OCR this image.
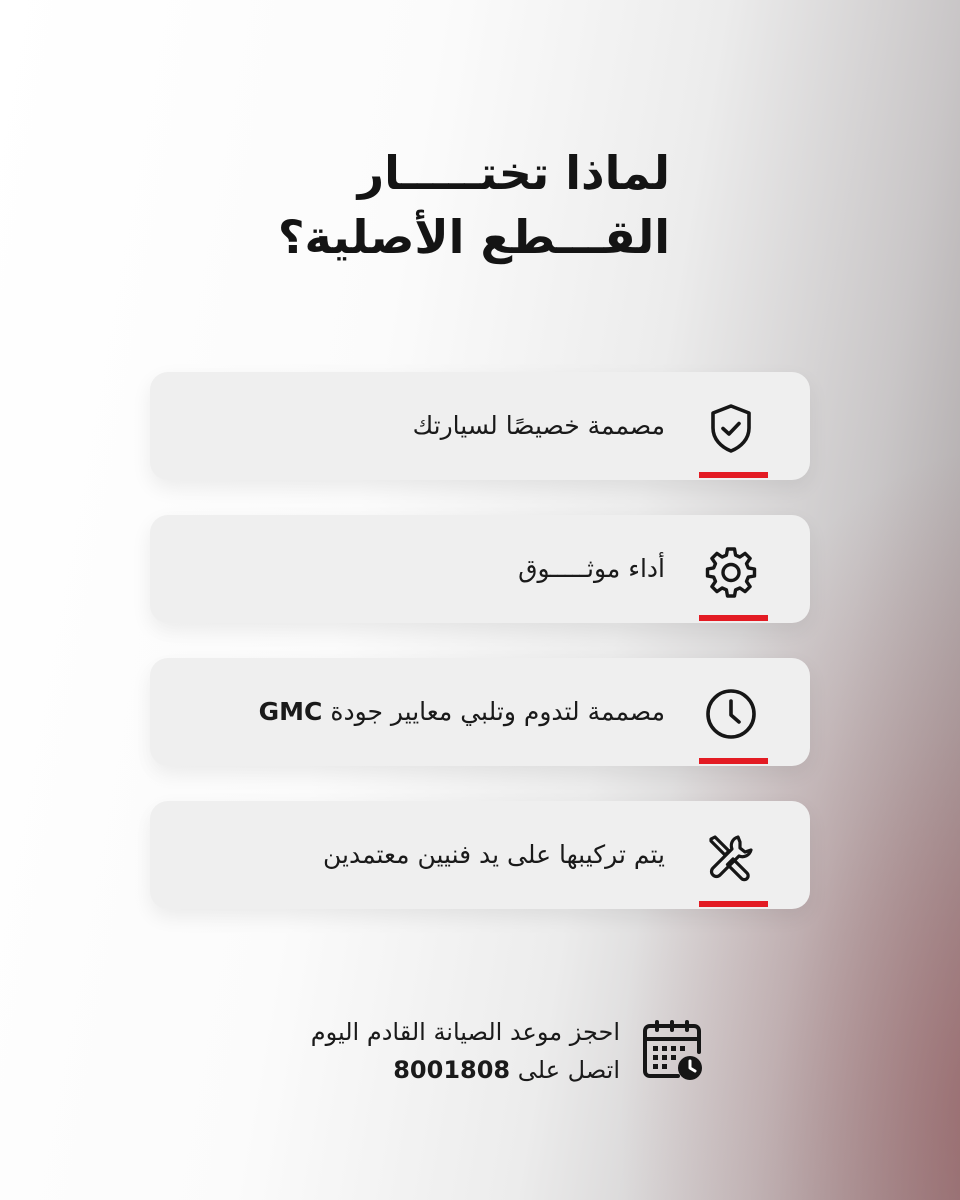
لماذا تختـــــار
القـــطع الأصلية؟
مصممة خصيصًا لسيارتك
أداء موثـــــوق
مصممة لتدوم وتلبي معايير جودة GMC
يتم تركيبها على يد فنيين معتمدين
احجز موعد الصيانة القادم اليوم
اتصل على 8001808
